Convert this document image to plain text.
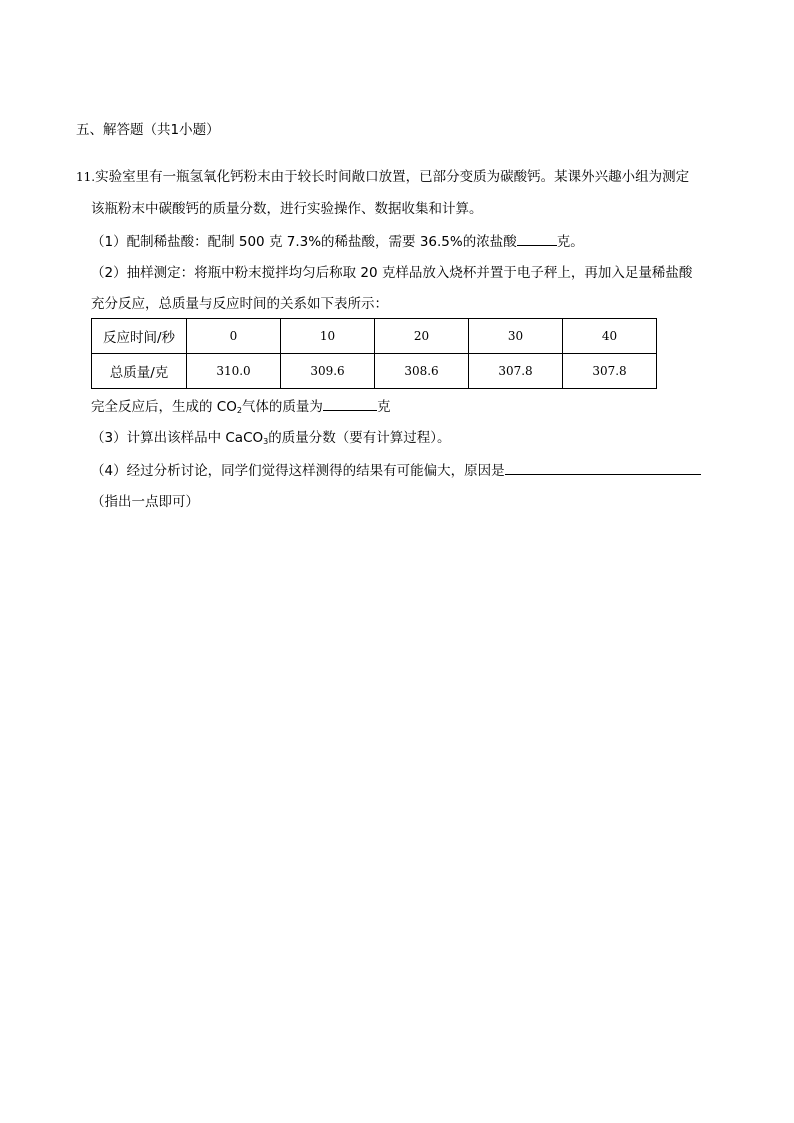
五、解答题（共1小题）
11.实验室里有一瓶氢氧化钙粉末由于较长时间敞口放置，已部分变质为碳酸钙。某课外兴趣小组为测定
该瓶粉末中碳酸钙的质量分数，进行实验操作、数据收集和计算。
（1）配制稀盐酸：配制 500 克 7.3%的稀盐酸，需要 36.5%的浓盐酸	克。
（2）抽样测定：将瓶中粉末搅拌均匀后称取 20 克样品放入烧杯并置于电子秤上，再加入足量稀盐酸
充分反应，总质量与反应时间的关系如下表所示：
反应时间/秒	0	10	20	30	40
总质量/克	310.0	309.6	308.6	307.8	307.8
完全反应后，生成的 $CO_2$气体的质量为	克
（3）计算出该样品中 CaCO$_3$的质量分数（要有计算过程）。
（4）经过分析讨论，同学们觉得这样测得的结果有可能偏大，原因是
（指出一点即可）
